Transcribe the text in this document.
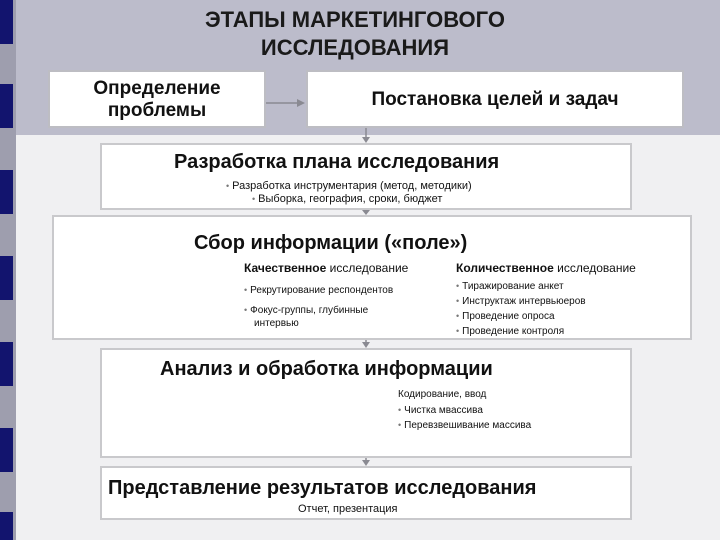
ЭТАПЫ МАРКЕТИНГОВОГО
ИССЛЕДОВАНИЯ
Определение
проблемы
Постановка целей и задач
Разработка плана исследования
• Разработка инструментария (метод, методики)
• Выборка, география, сроки, бюджет
Сбор информации («поле»)
Качественное исследование
• Рекрутирование респондентов
• Фокус-группы, глубинные
интервью
Количественное исследование
• Тиражирование анкет
• Инструктаж интервьюеров
• Проведение опроса
• Проведение контроля
Анализ и обработка информации
Кодирование, ввод
• Чистка мвассива
• Перевзвешивание массива
Представление результатов исследования
Отчет, презентация
